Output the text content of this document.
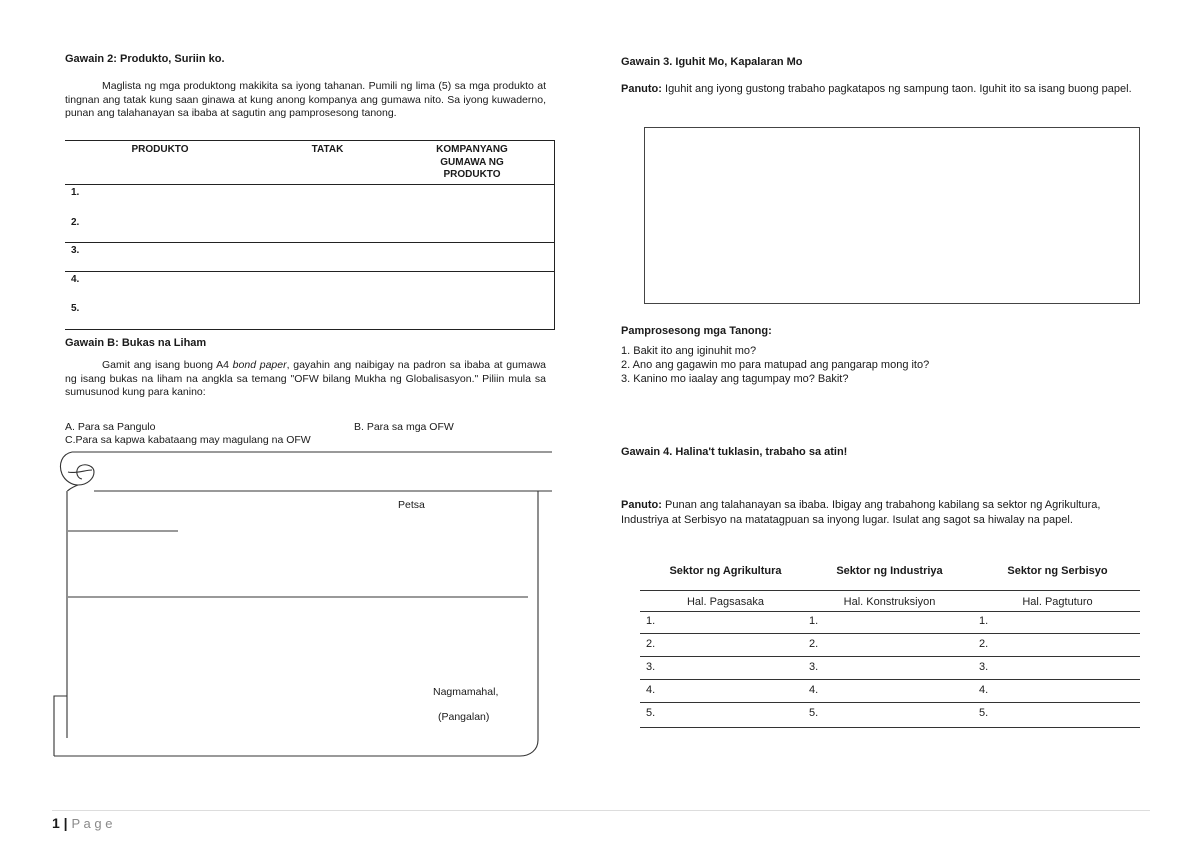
Gawain 2: Produkto, Suriin ko.
Maglista ng mga produktong makikita sa iyong tahanan. Pumili ng lima (5) sa mga produkto at tingnan ang tatak kung saan ginawa at kung anong kompanya ang gumawa nito. Sa iyong kuwaderno, punan ang talahanayan sa ibaba at sagutin ang pamprosesong tanong.
PRODUKTO	TATAK	KOMPANYANG GUMAWA NG PRODUKTO
1.
2.
3.
4.
5.
Gawain B: Bukas na Liham
Gamit ang isang buong A4 bond paper, gayahin ang naibigay na padron sa ibaba at gumawa ng isang bukas na liham na angkla sa temang "OFW bilang Mukha ng Globalisasyon." Piliin mula sa sumusunod kung para kanino:
A. Para sa Pangulo	B. Para sa mga OFW
C.Para sa kapwa kabataang may magulang na OFW
Petsa
Nagmamahal,
(Pangalan)
Gawain 3. Iguhit Mo, Kapalaran Mo
Panuto: Iguhit ang iyong gustong trabaho pagkatapos ng sampung taon. Iguhit ito sa isang buong papel.
Pamprosesong mga Tanong:
1. Bakit ito ang iginuhit mo?
2. Ano ang gagawin mo para matupad ang pangarap mong ito?
3. Kanino mo iaalay ang tagumpay mo? Bakit?
Gawain 4. Halina't tuklasin, trabaho sa atin!
Panuto: Punan ang talahanayan sa ibaba. Ibigay ang trabahong kabilang sa sektor ng Agrikultura, Industriya at Serbisyo na matatagpuan sa inyong lugar. Isulat ang sagot sa hiwalay na papel.
Sektor ng Agrikultura	Sektor ng Industriya	Sektor ng Serbisyo
Hal. Pagsasaka	Hal. Konstruksiyon	Hal. Pagtuturo
1.	1.	1.
2.	2.	2.
3.	3.	3.
4.	4.	4.
5.	5.	5.
1 | P a g e
